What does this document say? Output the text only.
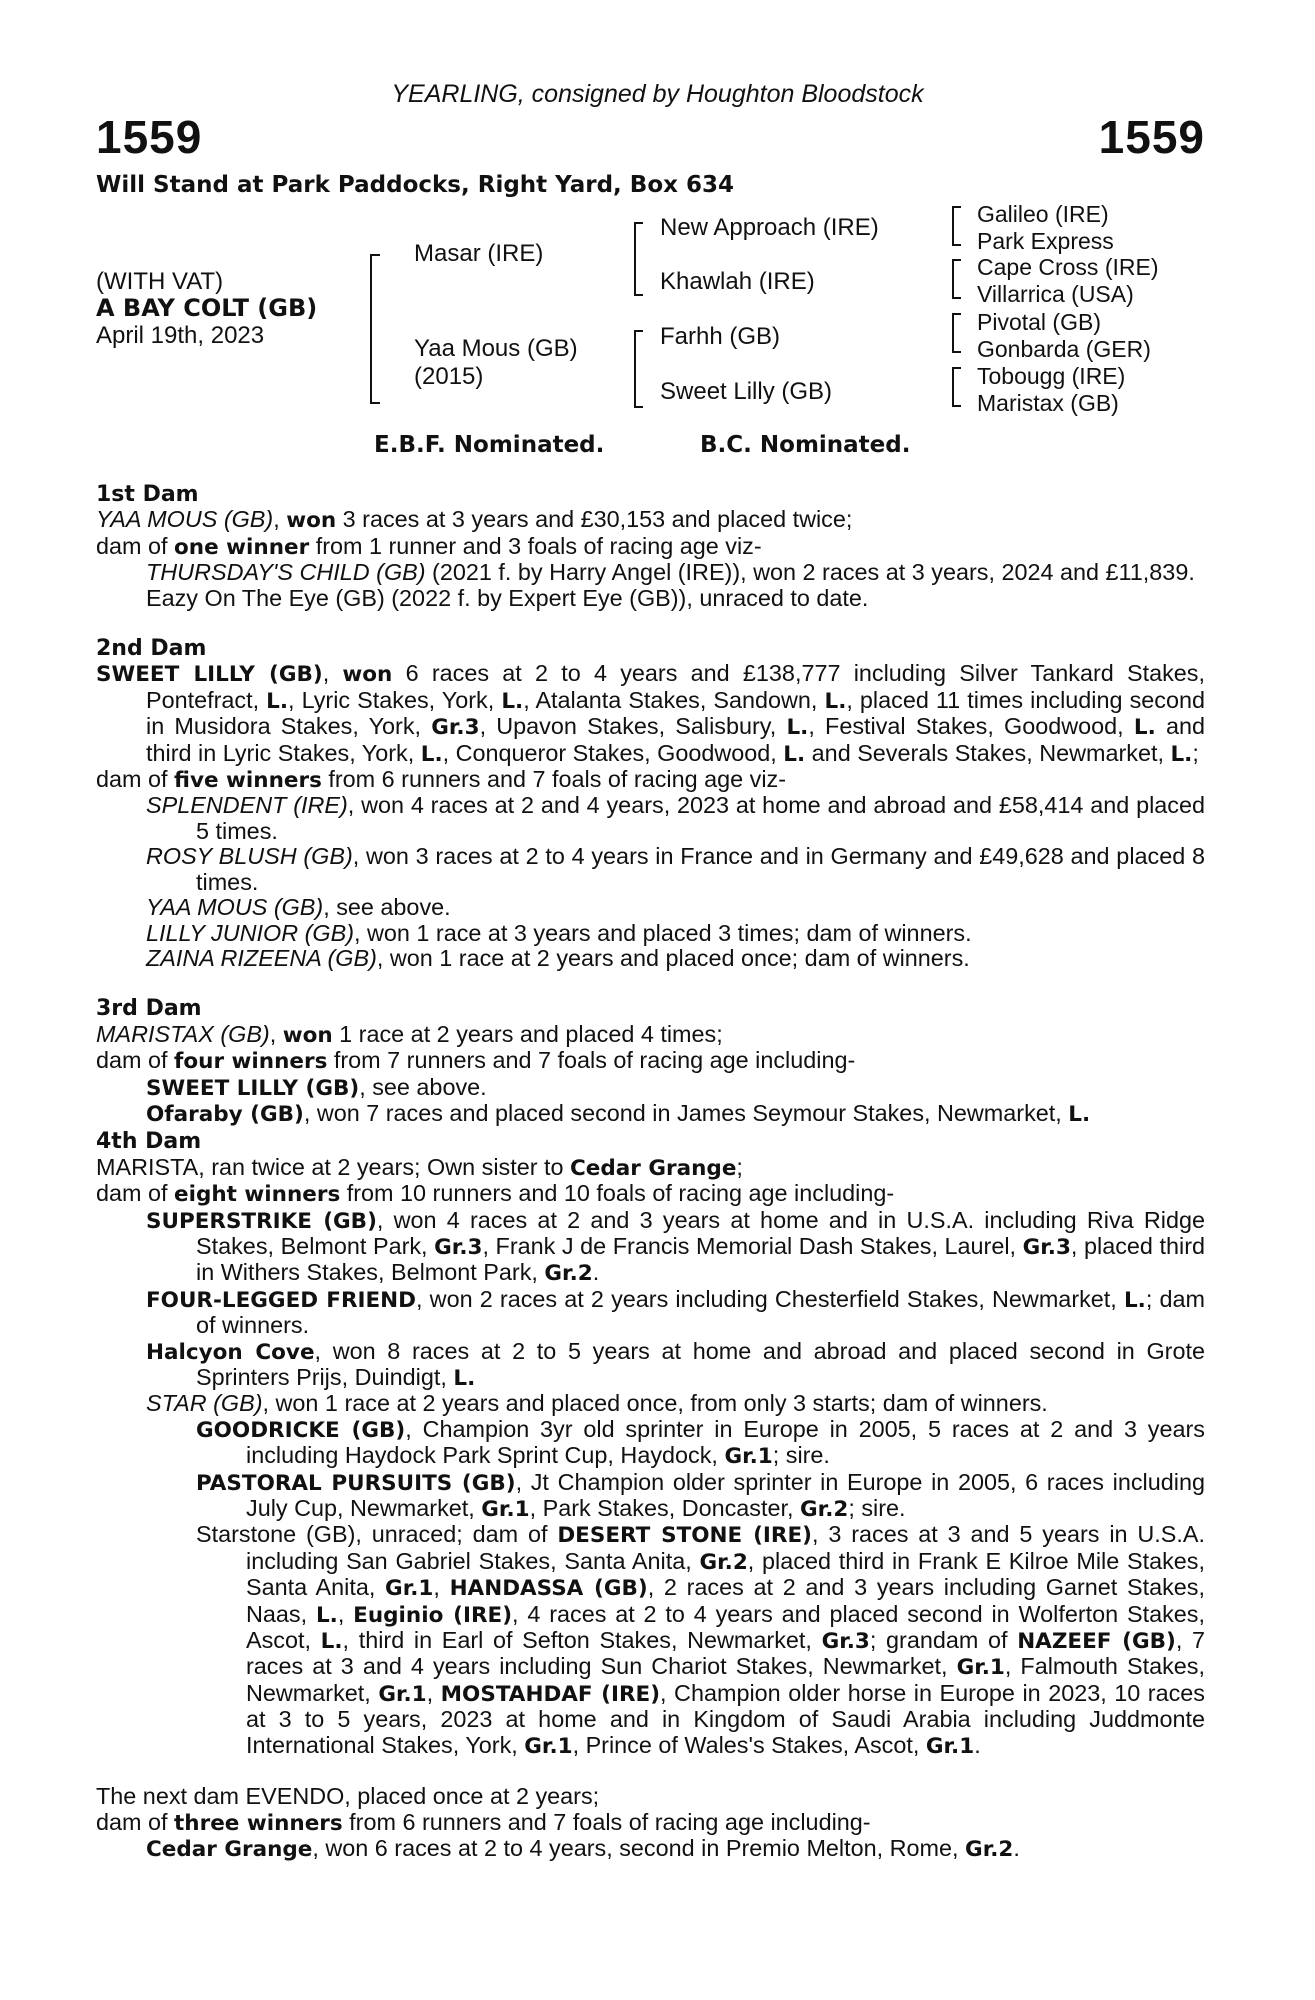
YEARLING, consigned by Houghton Bloodstock
1559	1559
Will Stand at Park Paddocks, Right Yard, Box 634
(WITH VAT)
A BAY COLT (GB)
April 19th, 2023
Masar (IRE)
Yaa Mous (GB)
(2015)
New Approach (IRE)
Khawlah (IRE)
Farhh (GB)
Sweet Lilly (GB)
Galileo (IRE)
Park Express
Cape Cross (IRE)
Villarrica (USA)
Pivotal (GB)
Gonbarda (GER)
Tobougg (IRE)
Maristax (GB)
E.B.F. Nominated.	B.C. Nominated.
1st Dam

YAA MOUS (GB), won 3 races at 3 years and £30,153 and placed twice;

dam of one winner from 1 runner and 3 foals of racing age viz-

THURSDAY'S CHILD (GB) (2021 f. by Harry Angel (IRE)), won 2 races at 3 years, 2024 and £11,839.

Eazy On The Eye (GB) (2022 f. by Expert Eye (GB)), unraced to date.

2nd Dam

SWEET LILLY (GB), won 6 races at 2 to 4 years and £138,777 including Silver Tankard Stakes, Pontefract, L., Lyric Stakes, York, L., Atalanta Stakes, Sandown, L., placed 11 times including second in Musidora Stakes, York, Gr.3, Upavon Stakes, Salisbury, L., Festival Stakes, Goodwood, L. and third in Lyric Stakes, York, L., Conqueror Stakes, Goodwood, L. and Severals Stakes, Newmarket, L.;

dam of five winners from 6 runners and 7 foals of racing age viz-

SPLENDENT (IRE), won 4 races at 2 and 4 years, 2023 at home and abroad and £58,414 and placed 5 times.

ROSY BLUSH (GB), won 3 races at 2 to 4 years in France and in Germany and £49,628 and placed 8 times.

YAA MOUS (GB), see above.

LILLY JUNIOR (GB), won 1 race at 3 years and placed 3 times; dam of winners.

ZAINA RIZEENA (GB), won 1 race at 2 years and placed once; dam of winners.

3rd Dam

MARISTAX (GB), won 1 race at 2 years and placed 4 times;

dam of four winners from 7 runners and 7 foals of racing age including-

SWEET LILLY (GB), see above.

Ofaraby (GB), won 7 races and placed second in James Seymour Stakes, Newmarket, L.

4th Dam

MARISTA, ran twice at 2 years; Own sister to Cedar Grange;

dam of eight winners from 10 runners and 10 foals of racing age including-

SUPERSTRIKE (GB), won 4 races at 2 and 3 years at home and in U.S.A. including Riva Ridge Stakes, Belmont Park, Gr.3, Frank J de Francis Memorial Dash Stakes, Laurel, Gr.3, placed third in Withers Stakes, Belmont Park, Gr.2.

FOUR-LEGGED FRIEND, won 2 races at 2 years including Chesterfield Stakes, Newmarket, L.; dam of winners.

Halcyon Cove, won 8 races at 2 to 5 years at home and abroad and placed second in Grote Sprinters Prijs, Duindigt, L.

STAR (GB), won 1 race at 2 years and placed once, from only 3 starts; dam of winners.

GOODRICKE (GB), Champion 3yr old sprinter in Europe in 2005, 5 races at 2 and 3 years including Haydock Park Sprint Cup, Haydock, Gr.1; sire.

PASTORAL PURSUITS (GB), Jt Champion older sprinter in Europe in 2005, 6 races including July Cup, Newmarket, Gr.1, Park Stakes, Doncaster, Gr.2; sire.

Starstone (GB), unraced; dam of DESERT STONE (IRE), 3 races at 3 and 5 years in U.S.A. including San Gabriel Stakes, Santa Anita, Gr.2, placed third in Frank E Kilroe Mile Stakes, Santa Anita, Gr.1, HANDASSA (GB), 2 races at 2 and 3 years including Garnet Stakes, Naas, L., Euginio (IRE), 4 races at 2 to 4 years and placed second in Wolferton Stakes, Ascot, L., third in Earl of Sefton Stakes, Newmarket, Gr.3; grandam of NAZEEF (GB), 7 races at 3 and 4 years including Sun Chariot Stakes, Newmarket, Gr.1, Falmouth Stakes, Newmarket, Gr.1, MOSTAHDAF (IRE), Champion older horse in Europe in 2023, 10 races at 3 to 5 years, 2023 at home and in Kingdom of Saudi Arabia including Juddmonte International Stakes, York, Gr.1, Prince of Wales's Stakes, Ascot, Gr.1.

The next dam EVENDO, placed once at 2 years;

dam of three winners from 6 runners and 7 foals of racing age including-

Cedar Grange, won 6 races at 2 to 4 years, second in Premio Melton, Rome, Gr.2.
